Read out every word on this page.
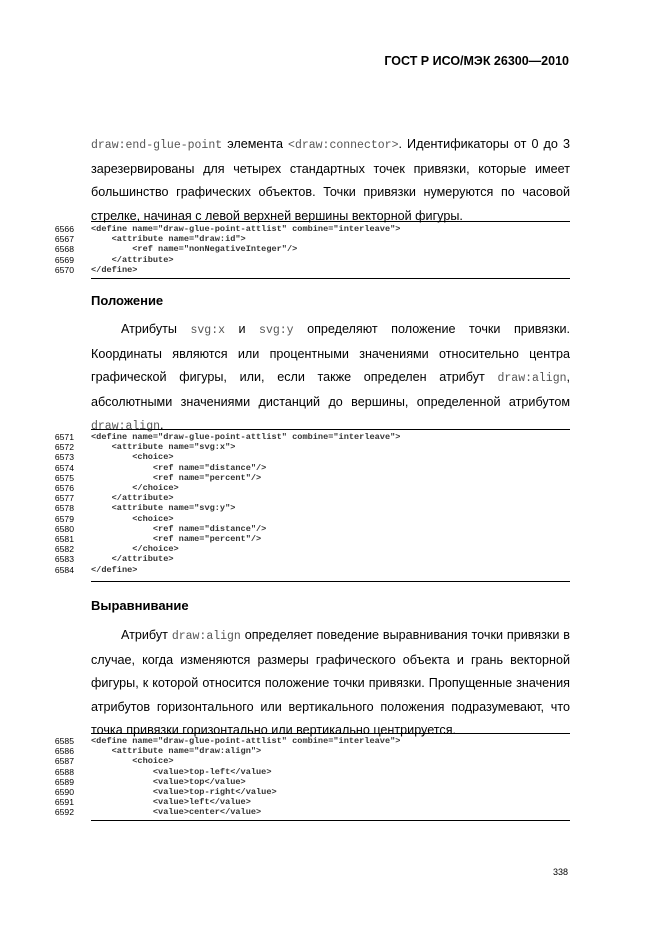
ГОСТ Р ИСО/МЭК 26300—2010
draw:end-glue-point элемента <draw:connector>. Идентификаторы от 0 до 3 зарезервированы для четырех стандартных точек привязки, которые имеет большинство графических объектов. Точки привязки нумеруются по часовой стрелке, начиная с левой верхней вершины векторной фигуры.
6566 <define name="draw-glue-point-attlist" combine="interleave">
6567 <attribute name="draw:id">
6568 <ref name="nonNegativeInteger"/>
6569 </attribute>
6570 </define>
Положение
Атрибуты svg:x и svg:y определяют положение точки привязки. Координаты являются или процентными значениями относительно центра графической фигуры, или, если также определен атрибут draw:align, абсолютными значениями дистанций до вершины, определенной атрибутом draw:align.
6571 <define name="draw-glue-point-attlist" combine="interleave">
6572 <attribute name="svg:x">
6573 <choice>
6574 <ref name="distance"/>
6575 <ref name="percent"/>
6576 </choice>
6577 </attribute>
6578 <attribute name="svg:y">
6579 <choice>
6580 <ref name="distance"/>
6581 <ref name="percent"/>
6582 </choice>
6583 </attribute>
6584 </define>
Выравнивание
Атрибут draw:align определяет поведение выравнивания точки привязки в случае, когда изменяются размеры графического объекта и грань векторной фигуры, к которой относится положение точки привязки. Пропущенные значения атрибутов горизонтального или вертикального положения подразумевают, что точка привязки горизонтально или вертикально центрируется.
6585 <define name="draw-glue-point-attlist" combine="interleave">
6586 <attribute name="draw:align">
6587 <choice>
6588 <value>top-left</value>
6589 <value>top</value>
6590 <value>top-right</value>
6591 <value>left</value>
6592 <value>center</value>
338
